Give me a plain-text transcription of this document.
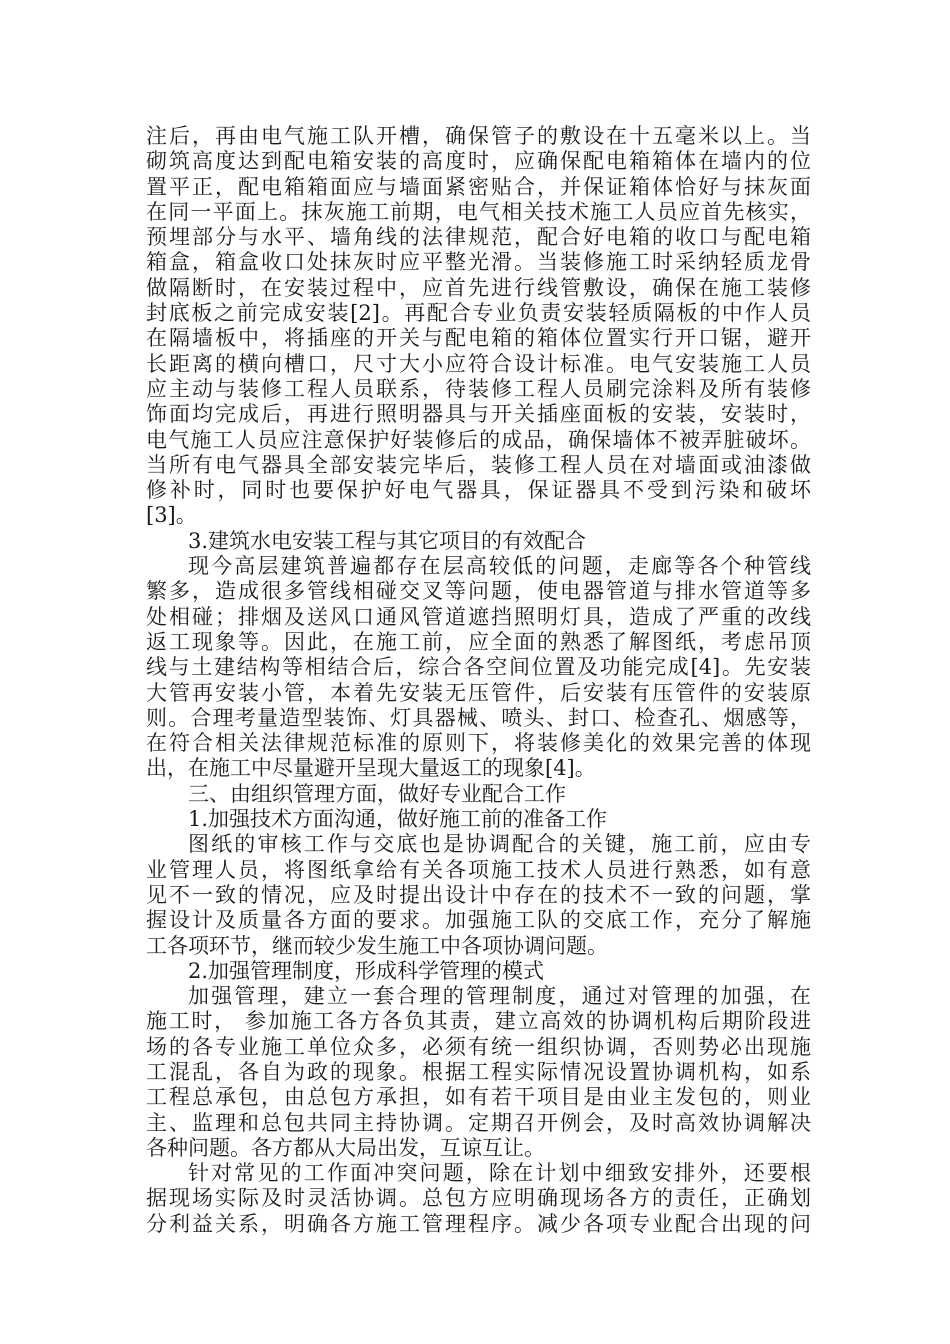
注后，再由电气施工队开槽，确保管子的敷设在十五毫米以上。当
砌筑高度达到配电箱安装的高度时，应确保配电箱箱体在墙内的位
置平正，配电箱箱面应与墙面紧密贴合，并保证箱体恰好与抹灰面
在同一平面上。抹灰施工前期，电气相关技术施工人员应首先核实，
预埋部分与水平、墙角线的法律规范，配合好电箱的收口与配电箱
箱盒，箱盒收口处抹灰时应平整光滑。当装修施工时采纳轻质龙骨
做隔断时，在安装过程中，应首先进行线管敷设，确保在施工装修
封底板之前完成安装[2]。再配合专业负责安装轻质隔板的中作人员
在隔墙板中，将插座的开关与配电箱的箱体位置实行开口锯，避开
长距离的横向槽口，尺寸大小应符合设计标准。电气安装施工人员
应主动与装修工程人员联系，待装修工程人员刷完涂料及所有装修
饰面均完成后，再进行照明器具与开关插座面板的安装，安装时，
电气施工人员应注意保护好装修后的成品，确保墙体不被弄脏破坏。
当所有电气器具全部安装完毕后，装修工程人员在对墙面或油漆做
修补时，同时也要保护好电气器具，保证器具不受到污染和破坏
[3]。
3.建筑水电安装工程与其它项目的有效配合
现今高层建筑普遍都存在层高较低的问题，走廊等各个种管线
繁多，造成很多管线相碰交叉等问题，使电器管道与排水管道等多
处相碰；排烟及送风口通风管道遮挡照明灯具，造成了严重的改线
返工现象等。因此，在施工前，应全面的熟悉了解图纸，考虑吊顶
线与土建结构等相结合后，综合各空间位置及功能完成[4]。先安装
大管再安装小管，本着先安装无压管件，后安装有压管件的安装原
则。合理考量造型装饰、灯具器械、喷头、封口、检查孔、烟感等，
在符合相关法律规范标准的原则下，将装修美化的效果完善的体现
出，在施工中尽量避开呈现大量返工的现象[4]。
三、由组织管理方面，做好专业配合工作
1.加强技术方面沟通，做好施工前的准备工作
图纸的审核工作与交底也是协调配合的关键，施工前，应由专
业管理人员，将图纸拿给有关各项施工技术人员进行熟悉，如有意
见不一致的情况，应及时提出设计中存在的技术不一致的问题，掌
握设计及质量各方面的要求。加强施工队的交底工作，充分了解施
工各项环节，继而较少发生施工中各项协调问题。
2.加强管理制度，形成科学管理的模式
加强管理，建立一套合理的管理制度，通过对管理的加强，在
施工时， 参加施工各方各负其责，建立高效的协调机构后期阶段进
场的各专业施工单位众多，必须有统一组织协调，否则势必出现施
工混乱，各自为政的现象。根据工程实际情况设置协调机构，如系
工程总承包，由总包方承担，如有若干项目是由业主发包的，则业
主、监理和总包共同主持协调。定期召开例会，及时高效协调解决
各种问题。各方都从大局出发，互谅互让。
针对常见的工作面冲突问题，除在计划中细致安排外，还要根
据现场实际及时灵活协调。总包方应明确现场各方的责任，正确划
分利益关系，明确各方施工管理程序。减少各项专业配合出现的问
